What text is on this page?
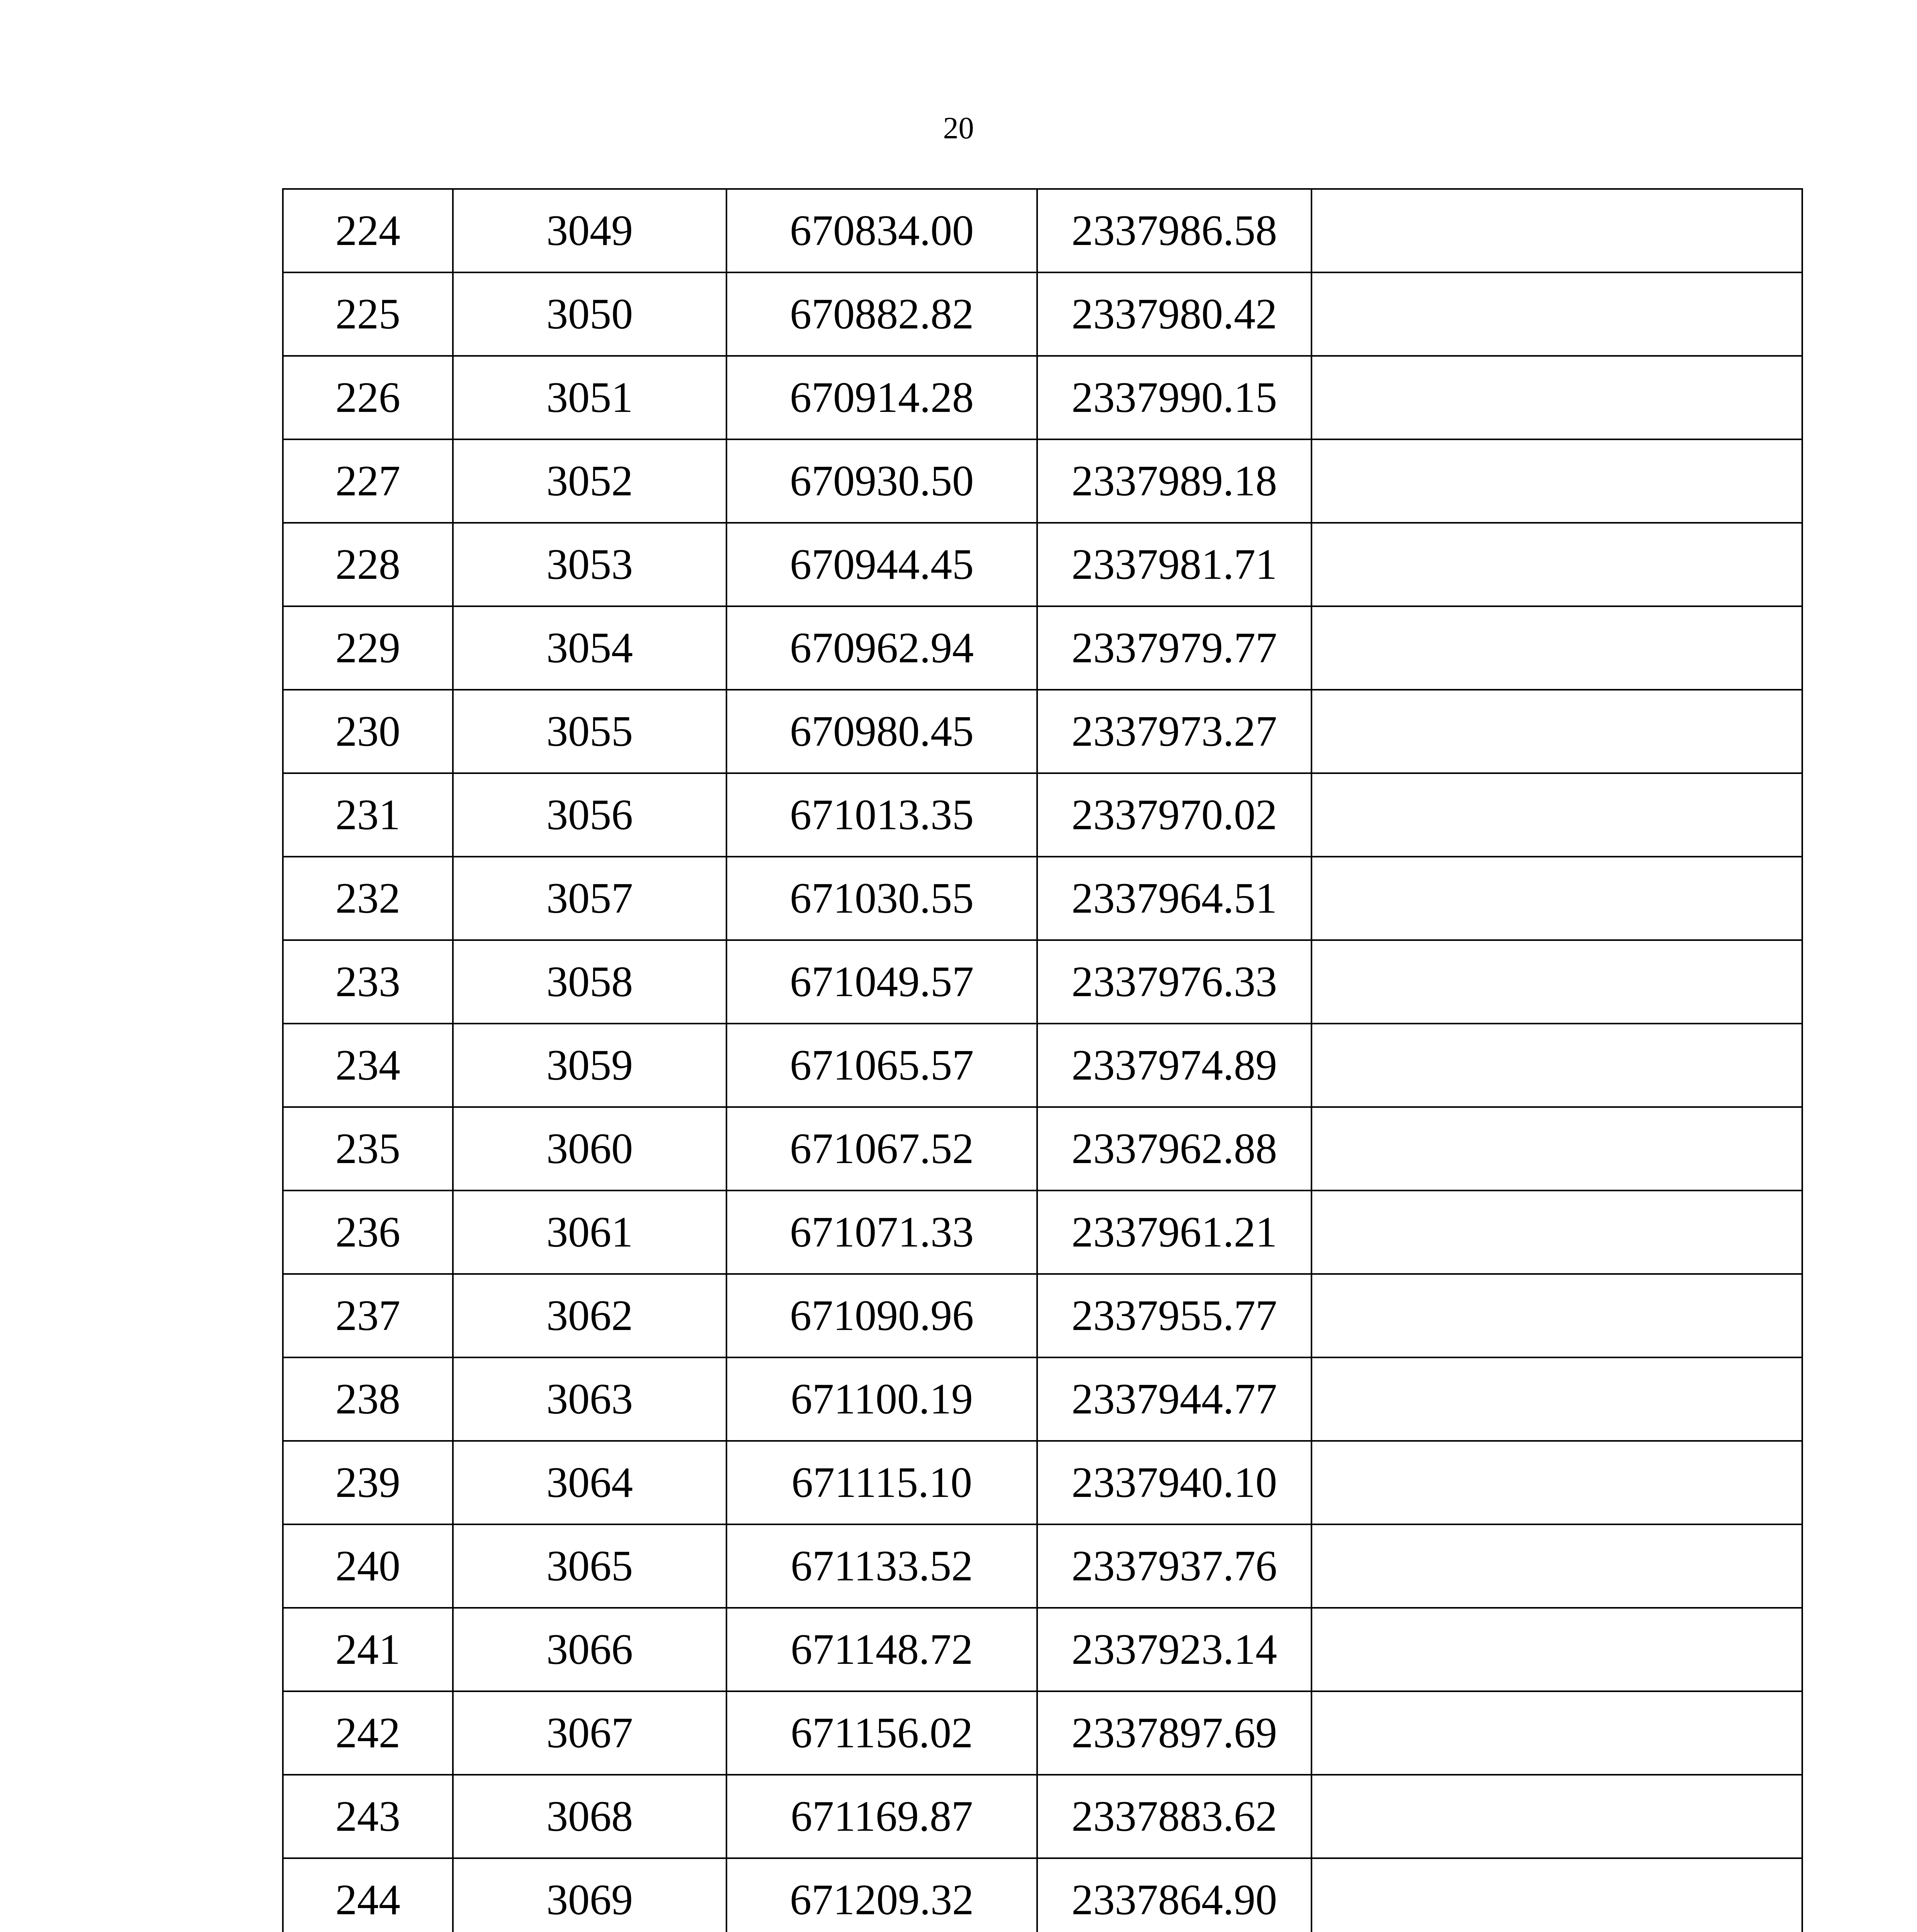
20
224	3049	670834.00	2337986.58	
225	3050	670882.82	2337980.42	
226	3051	670914.28	2337990.15	
227	3052	670930.50	2337989.18	
228	3053	670944.45	2337981.71	
229	3054	670962.94	2337979.77	
230	3055	670980.45	2337973.27	
231	3056	671013.35	2337970.02	
232	3057	671030.55	2337964.51	
233	3058	671049.57	2337976.33	
234	3059	671065.57	2337974.89	
235	3060	671067.52	2337962.88	
236	3061	671071.33	2337961.21	
237	3062	671090.96	2337955.77	
238	3063	671100.19	2337944.77	
239	3064	671115.10	2337940.10	
240	3065	671133.52	2337937.76	
241	3066	671148.72	2337923.14	
242	3067	671156.02	2337897.69	
243	3068	671169.87	2337883.62	
244	3069	671209.32	2337864.90	
